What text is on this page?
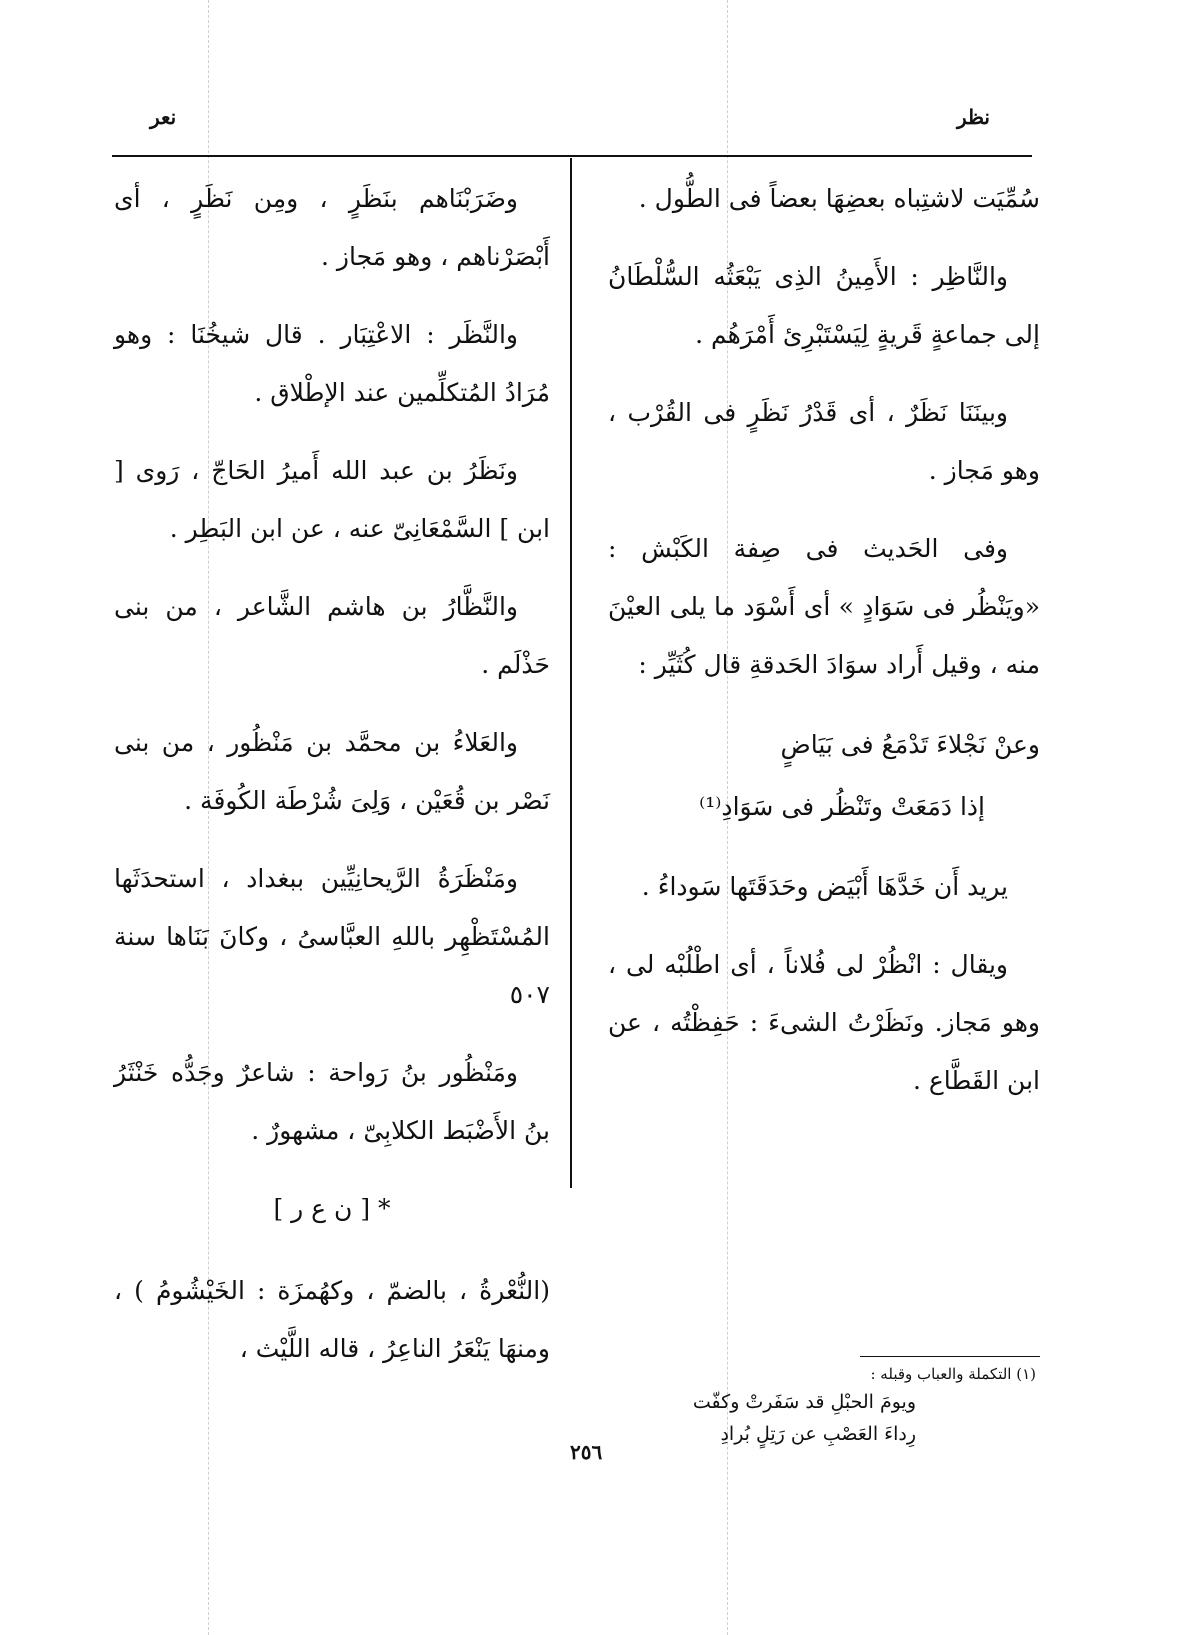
نظر
نعر

سُمِّيَت لاشتِباه بعضِهَا بعضاً فى الطُّول .

والنَّاظِر : الأَمِينُ الذِى يَبْعَثُه السُّلْطَانُ إلى جماعةٍ قَريةٍ لِيَسْتَبْرِئ أَمْرَهُم .

وبينَنَا نَظَرٌ ، أى قَدْرُ نَظَرٍ فى القُرْب ، وهو مَجاز .

وفى الحَديث فى صِفة الكَبْش : «ويَنْظُر فى سَوَادٍ » أى أَسْوَد ما يلى العيْنَ منه ، وقيل أَراد سوَادَ الحَدقةِ قال كُثَيِّر :

وعنْ نَجْلاءَ تَدْمَعُ فى بَيَاضٍ

إذا دَمَعَتْ وتَنْظُر فى سَوَادِ⁽¹⁾

يريد أَن خَدَّهَا أَبْيَض وحَدَقَتَها سَوداءُ .

ويقال : انْظُرْ لى فُلاناً ، أى اطْلُبْه لى ، وهو مَجاز. ونَظَرْتُ الشىءَ : حَفِظْتُه ، عن ابن القَطَّاع .

وضَرَبْنَاهم بنَظَرٍ ، ومِن نَظَرٍ ، أى أَبْصَرْناهم ، وهو مَجاز .

والنَّظَر : الاعْتِبَار . قال شيخُنَا : وهو مُرَادُ المُتكلِّمين عند الإطْلاق .

ونَظَرُ بن عبد الله أَميرُ الحَاجّ ، رَوى [ ابن ] السَّمْعَانِىّ عنه ، عن ابن البَطِر .

والنَّظَّارُ بن هاشم الشَّاعر ، من بنى حَذْلَم .

والعَلاءُ بن محمَّد بن مَنْظُور ، من بنى نَصْر بن قُعَيْن ، وَلِىَ شُرْطَة الكُوفَة .

ومَنْظَرَةُ الرَّيحانِيِّين ببغداد ، استحدَثَها المُسْتَظْهِر باللهِ العبَّاسىُ ، وكانَ بَنَاها سنة ٥٠٧

ومَنْظُور بنُ رَواحة : شاعرٌ وجَدُّه خَنْثَرُ بنُ الأَضْبَط الكلابِىّ ، مشهورٌ .

* [ ن ع ر ]

(النُّعْرةُ ، بالضمّ ، وكهُمزَة : الخَيْشُومُ ) ، ومنهَا يَنْعَرُ الناعِرُ ، قاله اللَّيْث ،

(١) التكملة والعباب وقبله :
ويومَ الحبْلِ قد سَفَرتْ وكفّت
رِداءَ العَصْبِ عن رَتِلٍ بُرادِ
٢٥٦
